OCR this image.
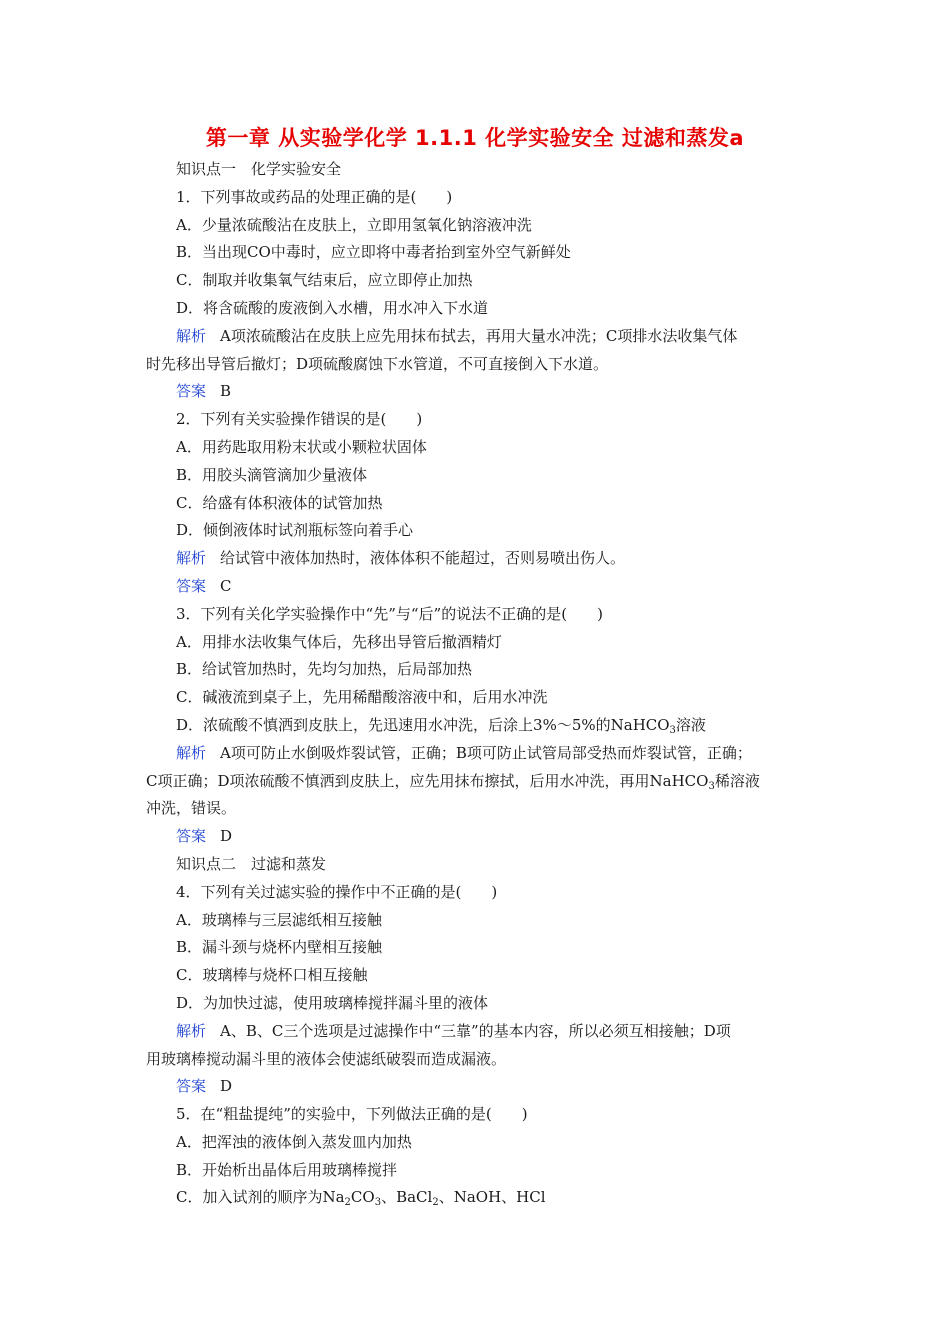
第一章 从实验学化学 1.1.1 化学实验安全 过滤和蒸发a
知识点一　化学实验安全
1．下列事故或药品的处理正确的是(　　)
A．少量浓硫酸沾在皮肤上，立即用氢氧化钠溶液冲洗
B．当出现CO中毒时，应立即将中毒者抬到室外空气新鲜处
C．制取并收集氧气结束后，应立即停止加热
D．将含硫酸的废液倒入水槽，用水冲入下水道
解析 A项浓硫酸沾在皮肤上应先用抹布拭去，再用大量水冲洗；C项排水法收集气体
时先移出导管后撤灯；D项硫酸腐蚀下水管道，不可直接倒入下水道。
答案 B
2．下列有关实验操作错误的是(　　)
A．用药匙取用粉末状或小颗粒状固体
B．用胶头滴管滴加少量液体
C．给盛有体积液体的试管加热
D．倾倒液体时试剂瓶标签向着手心
解析 给试管中液体加热时，液体体积不能超过，否则易喷出伤人。
答案 C
3．下列有关化学实验操作中“先”与“后”的说法不正确的是(　　)
A．用排水法收集气体后，先移出导管后撤酒精灯
B．给试管加热时，先均匀加热，后局部加热
C．碱液流到桌子上，先用稀醋酸溶液中和，后用水冲洗
D．浓硫酸不慎洒到皮肤上，先迅速用水冲洗，后涂上3%～5%的NaHCO$_3$溶液
解析 A项可防止水倒吸炸裂试管，正确；B项可防止试管局部受热而炸裂试管，正确；
C项正确；D项浓硫酸不慎洒到皮肤上，应先用抹布擦拭，后用水冲洗，再用NaHCO$_3$稀溶液
冲洗，错误。
答案 D
知识点二　过滤和蒸发
4．下列有关过滤实验的操作中不正确的是(　　)
A．玻璃棒与三层滤纸相互接触
B．漏斗颈与烧杯内壁相互接触
C．玻璃棒与烧杯口相互接触
D．为加快过滤，使用玻璃棒搅拌漏斗里的液体
解析 A、B、C三个选项是过滤操作中“三靠”的基本内容，所以必须互相接触；D项
用玻璃棒搅动漏斗里的液体会使滤纸破裂而造成漏液。
答案 D
5．在“粗盐提纯”的实验中，下列做法正确的是(　　)
A．把浑浊的液体倒入蒸发皿内加热
B．开始析出晶体后用玻璃棒搅拌
C．加入试剂的顺序为$Na_2CO_3$、BaCl$_2$、NaOH、HCl
